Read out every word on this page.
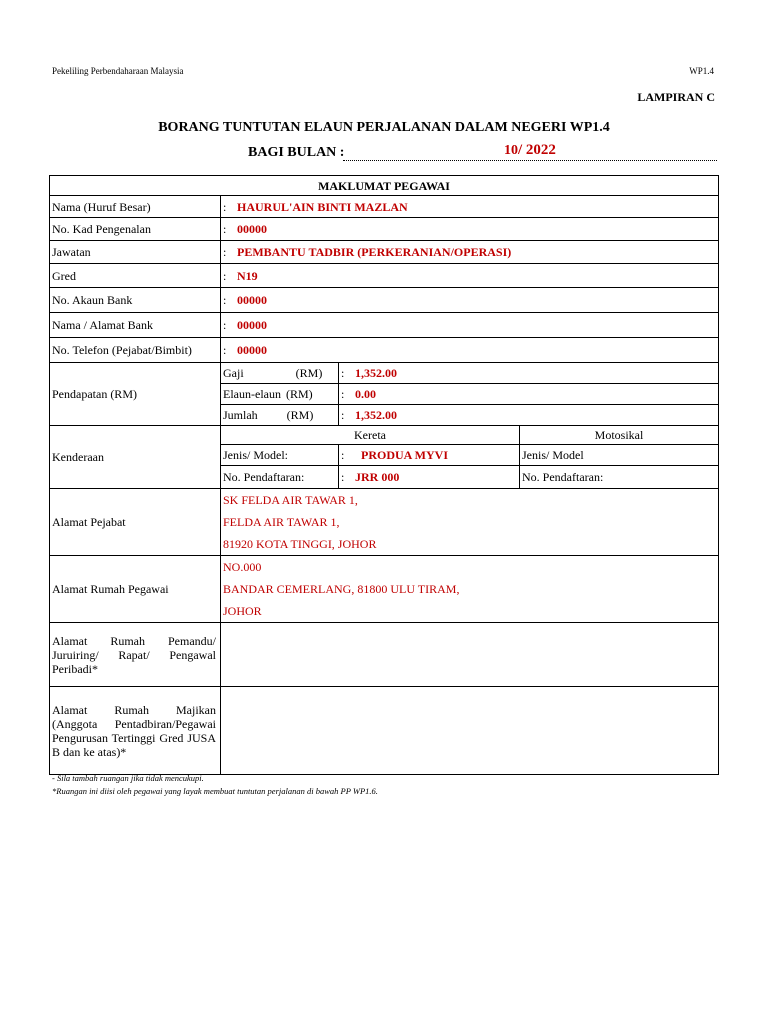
Pekeliling Perbendaharaan Malaysia	WP1.4
LAMPIRAN C
BORANG TUNTUTAN ELAUN PERJALANAN DALAM NEGERI WP1.4
BAGI BULAN :	10/ 2022
MAKLUMAT PEGAWAI			
Nama (Huruf Besar)	: HAURUL'AIN BINTI MAZLAN		
No. Kad Pengenalan	: 00000		
Jawatan	: PEMBANTU TADBIR (PERKERANIAN/OPERASI)		
Gred	: N19		
No. Akaun Bank	: 00000		
Nama / Alamat Bank	: 00000		
No. Telefon (Pejabat/Bimbit)	: 00000		
Pendapatan (RM)	Gaji (RM)	: 1,352.00	
	Elaun-elaun (RM)	: 0.00	
	Jumlah (RM)	: 1,352.00	
Kenderaan	Kereta		Motosikal
	Jenis/ Model:	: PRODUA MYVI	Jenis/ Model
	No. Pendaftaran:	: JRR 000	No. Pendaftaran:
Alamat Pejabat	SK FELDA AIR TAWAR 1,
FELDA AIR TAWAR 1,
81920 KOTA TINGGI, JOHOR		

Alamat Rumah Pegawai	NO.000
BANDAR CEMERLANG, 81800 ULU TIRAM,
JOHOR		

Alamat Rumah Pemandu/ Juruiring/ Rapat/ Pengawal Peribadi*			
Alamat Rumah Majikan (Anggota Pentadbiran/Pegawai Pengurusan Tertinggi Gred JUSA B dan ke atas)*			
- Sila tambah ruangan jika tidak mencukupi.
*Ruangan ini diisi oleh pegawai yang layak membuat tuntutan perjalanan di bawah PP WP1.6.
